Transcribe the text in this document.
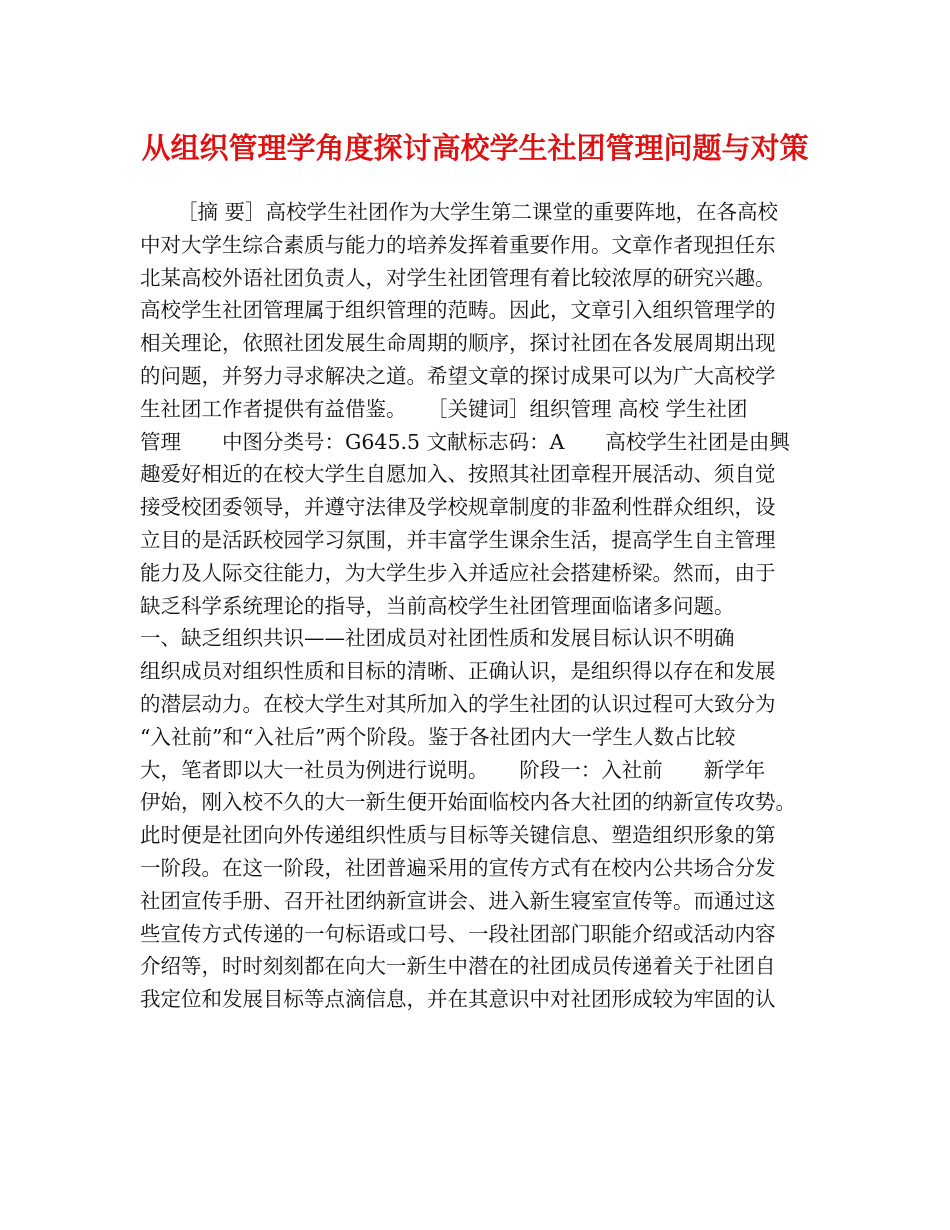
从组织管理学角度探讨高校学生社团管理问题与对策
［摘 要］高校学生社团作为大学生第二课堂的重要阵地，在各高校
中对大学生综合素质与能力的培养发挥着重要作用。文章作者现担任东
北某高校外语社团负责人，对学生社团管理有着比较浓厚的研究兴趣。
高校学生社团管理属于组织管理的范畴。因此，文章引入组织管理学的
相关理论，依照社团发展生命周期的顺序，探讨社团在各发展周期出现
的问题，并努力寻求解决之道。希望文章的探讨成果可以为广大高校学
生社团工作者提供有益借鉴。　　［关键词］组织管理 高校 学生社团
管理　　中图分类号：G645.5 文献标志码：A　　高校学生社团是由興
趣爱好相近的在校大学生自愿加入、按照其社团章程开展活动、须自觉
接受校团委领导，并遵守法律及学校规章制度的非盈利性群众组织，设
立目的是活跃校园学习氛围，并丰富学生课余生活，提高学生自主管理
能力及人际交往能力，为大学生步入并适应社会搭建桥梁。然而，由于
缺乏科学系统理论的指导，当前高校学生社团管理面临诸多问题。
一、缺乏组织共识——社团成员对社团性质和发展目标认识不明确
组织成员对组织性质和目标的清晰、正确认识，是组织得以存在和发展
的潜层动力。在校大学生对其所加入的学生社团的认识过程可大致分为
“入社前”和“入社后”两个阶段。鉴于各社团内大一学生人数占比较
大，笔者即以大一社员为例进行说明。　　阶段一：入社前　　新学年
伊始，刚入校不久的大一新生便开始面临校内各大社团的纳新宣传攻势。
此时便是社团向外传递组织性质与目标等关键信息、塑造组织形象的第
一阶段。在这一阶段，社团普遍采用的宣传方式有在校内公共场合分发
社团宣传手册、召开社团纳新宣讲会、进入新生寝室宣传等。而通过这
些宣传方式传递的一句标语或口号、一段社团部门职能介绍或活动内容
介绍等，时时刻刻都在向大一新生中潜在的社团成员传递着关于社团自
我定位和发展目标等点滴信息，并在其意识中对社团形成较为牢固的认
